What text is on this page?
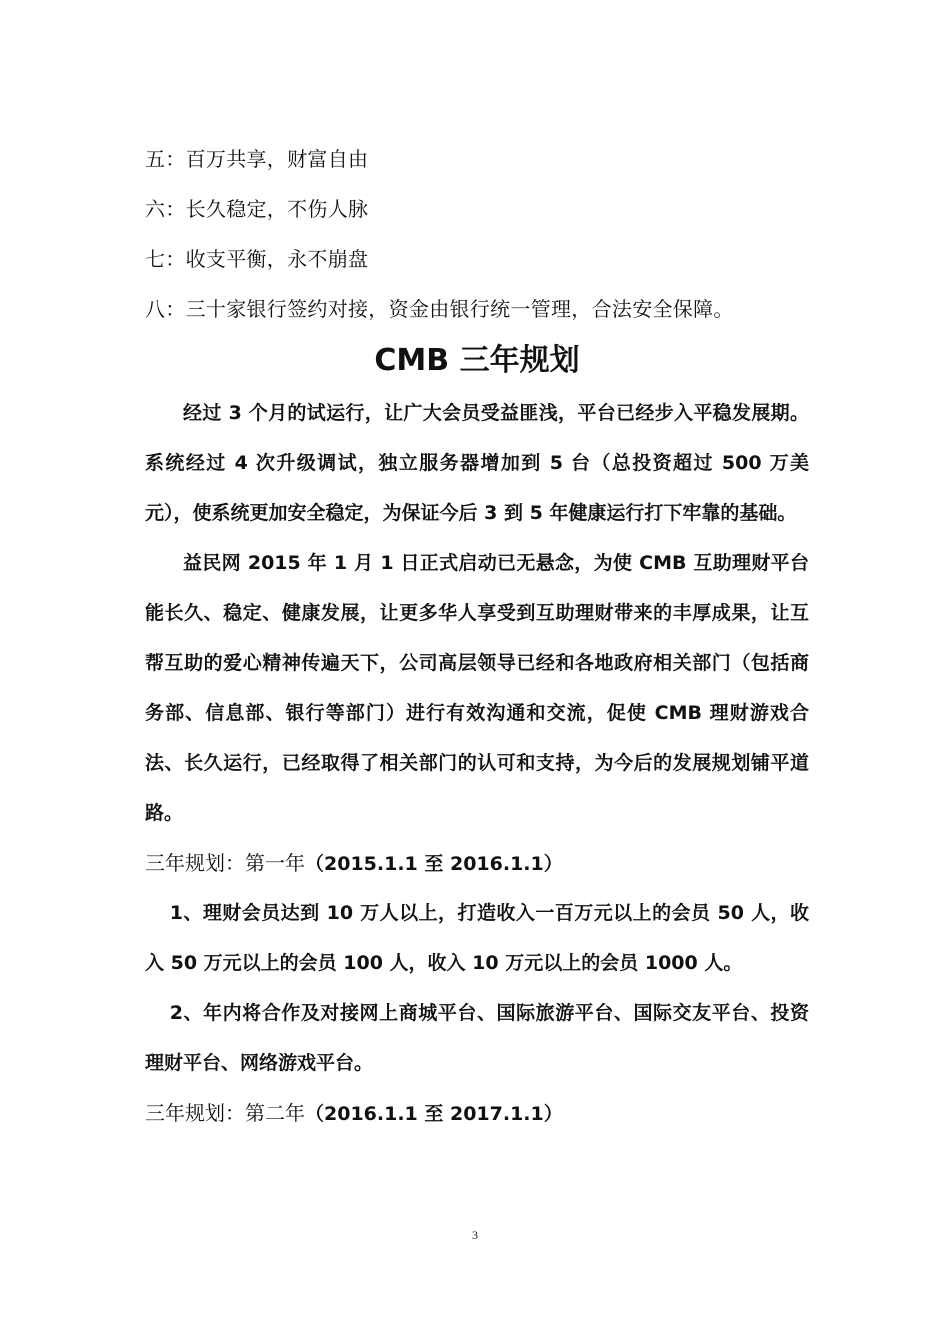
五：百万共享，财富自由
六：长久稳定，不伤人脉
七：收支平衡，永不崩盘
八：三十家银行签约对接，资金由银行统一管理，合法安全保障。
CMB 三年规划

经过 3 个月的试运行，让广大会员受益匪浅，平台已经步入平稳发展期。系统经过 4 次升级调试，独立服务器增加到 5 台（总投资超过 500 万美元），使系统更加安全稳定，为保证今后 3 到 5 年健康运行打下牢靠的基础。

益民网 2015 年 1 月 1 日正式启动已无悬念，为使 CMB 互助理财平台能长久、稳定、健康发展，让更多华人享受到互助理财带来的丰厚成果，让互帮互助的爱心精神传遍天下，公司高层领导已经和各地政府相关部门（包括商务部、信息部、银行等部门）进行有效沟通和交流，促使 CMB 理财游戏合法、长久运行，已经取得了相关部门的认可和支持，为今后的发展规划铺平道路。

三年规划：第一年（2015.1.1 至 2016.1.1）

1、理财会员达到 10 万人以上，打造收入一百万元以上的会员 50 人，收入 50 万元以上的会员 100 人，收入 10 万元以上的会员 1000 人。

2、年内将合作及对接网上商城平台、国际旅游平台、国际交友平台、投资理财平台、网络游戏平台。

三年规划：第二年（2016.1.1 至 2017.1.1）
3
